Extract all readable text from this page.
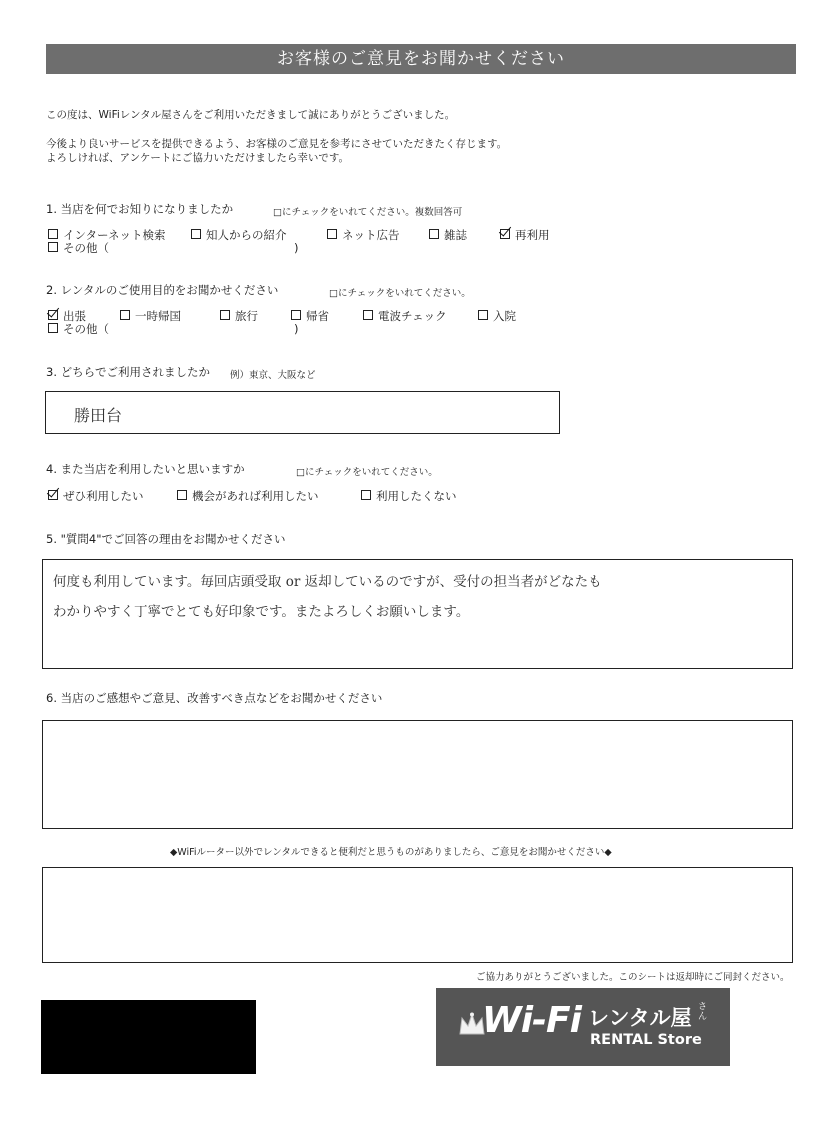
お客様のご意見をお聞かせください
この度は、WiFiレンタル屋さんをご利用いただきまして誠にありがとうございました。
今後より良いサービスを提供できるよう、お客様のご意見を参考にさせていただきたく存じます。
よろしければ、アンケートにご協力いただけましたら幸いです。
1. 当店を何でお知りになりましたか	□にチェックをいれてください。複数回答可
インターネット検索	知人からの紹介	ネット広告	雑誌	再利用
その他（	)
2. レンタルのご使用目的をお聞かせください	□にチェックをいれてください。
出張	一時帰国	旅行	帰省	電波チェック	入院
その他（	)
3. どちらでご利用されましたか 例）東京、大阪など
勝田台
4. また当店を利用したいと思いますか	□にチェックをいれてください。
ぜひ利用したい	機会があれば利用したい	利用したくない
5. "質問4"でご回答の理由をお聞かせください
何度も利用しています。毎回店頭受取 or 返却しているのですが、受付の担当者がどなたも
わかりやすく丁寧でとても好印象です。またよろしくお願いします。
6. 当店のご感想やご意見、改善すべき点などをお聞かせください
◆WiFiルーター以外でレンタルできると便利だと思うものがありましたら、ご意見をお聞かせください◆
ご協力ありがとうございました。このシートは返却時にご同封ください。
Wi-Fi レンタル屋 さん
RENTAL Store
